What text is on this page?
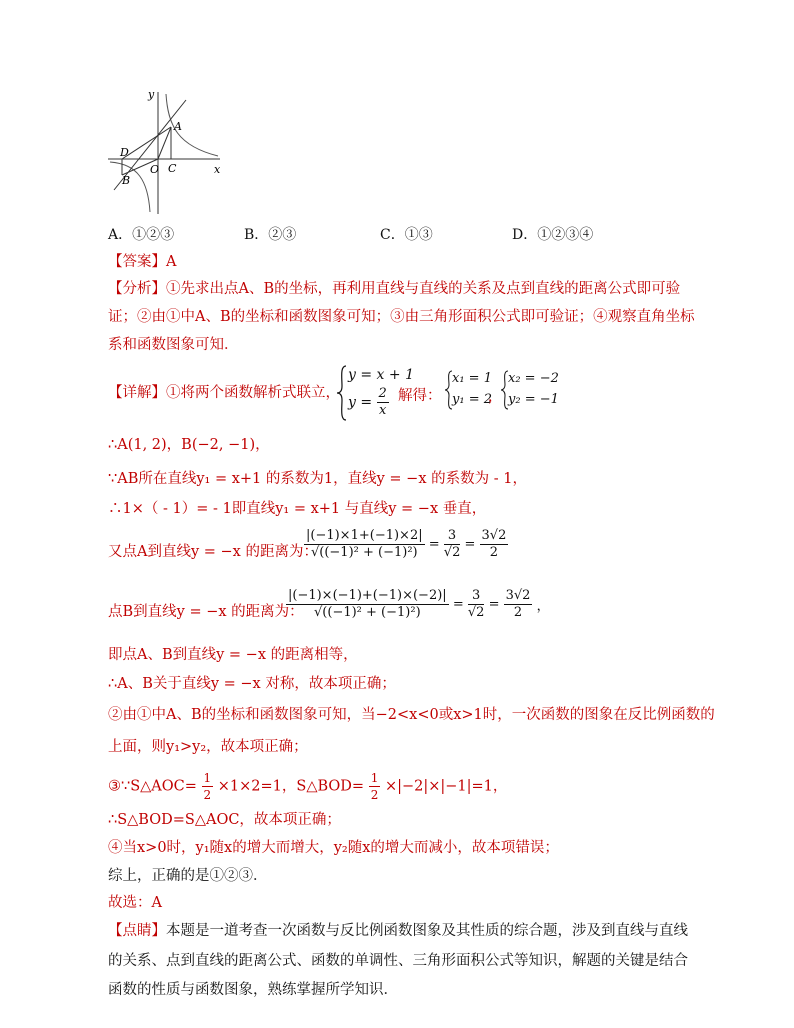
y
x
A
B
C
D
O
A．①②③	B．②③	C．①③	D．①②③④
【答案】A
【分析】①先求出点A、B的坐标，再利用直线与直线的关系及点到直线的距离公式即可验
证；②由①中A、B的坐标和函数图象可知；③由三角形面积公式即可验证；④观察直角坐标
系和函数图象可知．
【详解】①将两个函数解析式联立，
y = x + 1
$y = \frac{2}{x}$ 解得：
x₁ = 1
y₁ = 2
，
x₂ = −2
y₂ = −1
∴A(1, 2)，B(−2, −1)，
∵AB所在直线y₁ = x+1 的系数为1，直线y = −x 的系数为 - 1，
∴1×（ - 1）= - 1即直线y₁ = x+1 与直线y = −x 垂直，
又点A到直线y = −x 的距离为：
$\frac{|(-1)\times 1+(-1)\times 2|}{\text{√((−1)² + (−1)²)}} = \frac{3}{√2} = \frac{3√2}{2}$
点B到直线y = −x 的距离为：
$\frac{|(-1)\times(-1)+(-1)\times(-2)|}{\text{√((−1)² + (−1)²)}} = \frac{3}{√2} = \frac{3√2}{2}$ ，
即点A、B到直线y = −x 的距离相等，
∴A、B关于直线y = −x 对称，故本项正确；
②由①中A、B的坐标和函数图象可知，当−2<x<0或x>1时，一次函数的图象在反比例函数的
上面，则y₁>y₂，故本项正确；
③∵S△AOC= $\frac{1}{2} \times 1\times 2=1$，S△BOD= $\frac{1}{2} \times|-2|\times|-1|=1$，
∴S△BOD=S△AOC，故本项正确；
④当x>0时，y₁随x的增大而增大，y₂随x的增大而减小，故本项错误；
综上，正确的是①②③．
故选：A
【点睛】本题是一道考查一次函数与反比例函数图象及其性质的综合题，涉及到直线与直线
的关系、点到直线的距离公式、函数的单调性、三角形面积公式等知识，解题的关键是结合
函数的性质与函数图象，熟练掌握所学知识．
